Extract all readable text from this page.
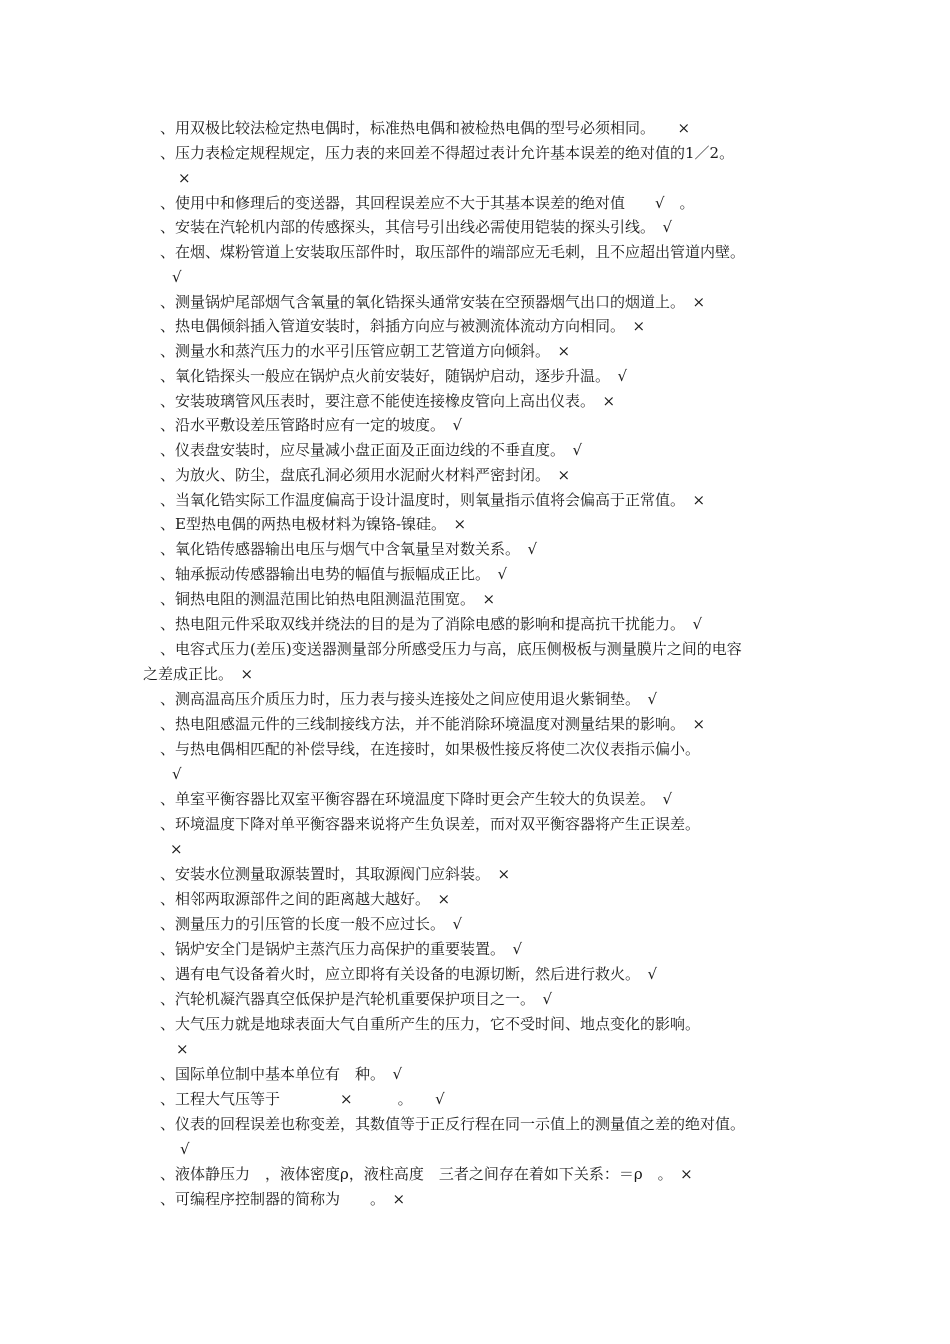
、用双极比较法检定热电偶时，标准热电偶和被检热电偶的型号必须相同。　　×
、压力表检定规程规定，压力表的来回差不得超过表计允许基本误差的绝对值的1／2。
×
、使用中和修理后的变送器，其回程误差应不大于其基本误差的绝对值　　√　。
、安装在汽轮机内部的传感探头，其信号引出线必需使用铠装的探头引线。　√
、在烟、煤粉管道上安装取压部件时，取压部件的端部应无毛刺，且不应超出管道内壁。
√
、测量锅炉尾部烟气含氧量的氧化锆探头通常安装在空预器烟气出口的烟道上。　×
、热电偶倾斜插入管道安装时，斜插方向应与被测流体流动方向相同。　×
、测量水和蒸汽压力的水平引压管应朝工艺管道方向倾斜。　×
、氧化锆探头一般应在锅炉点火前安装好，随锅炉启动，逐步升温。　√
、安装玻璃管风压表时，要注意不能使连接橡皮管向上高出仪表。　×
、沿水平敷设差压管路时应有一定的坡度。　√
、仪表盘安装时，应尽量减小盘正面及正面边线的不垂直度。　√
、为放火、防尘，盘底孔洞必须用水泥耐火材料严密封闭。　×
、当氧化锆实际工作温度偏高于设计温度时，则氧量指示值将会偏高于正常值。　×
、E型热电偶的两热电极材料为镍铬-镍硅。　×
、氧化锆传感器输出电压与烟气中含氧量呈对数关系。　√
、轴承振动传感器输出电势的幅值与振幅成正比。　√
、铜热电阻的测温范围比铂热电阻测温范围宽。　×
、热电阻元件采取双线并绕法的目的是为了消除电感的影响和提高抗干扰能力。　√
、电容式压力(差压)变送器测量部分所感受压力与高，底压侧极板与测量膜片之间的电容
之差成正比。　×
、测高温高压介质压力时，压力表与接头连接处之间应使用退火紫铜垫。　√
、热电阻感温元件的三线制接线方法，并不能消除环境温度对测量结果的影响。　×
、与热电偶相匹配的补偿导线，在连接时，如果极性接反将使二次仪表指示偏小。
√
、单室平衡容器比双室平衡容器在环境温度下降时更会产生较大的负误差。　√
、环境温度下降对单平衡容器来说将产生负误差，而对双平衡容器将产生正误差。
×
、安装水位测量取源装置时，其取源阀门应斜装。　×
、相邻两取源部件之间的距离越大越好。　×
、测量压力的引压管的长度一般不应过长。　√
、锅炉安全门是锅炉主蒸汽压力高保护的重要装置。　√
、遇有电气设备着火时，应立即将有关设备的电源切断，然后进行救火。　√
、汽轮机凝汽器真空低保护是汽轮机重要保护项目之一。　√
、大气压力就是地球表面大气自重所产生的压力，它不受时间、地点变化的影响。
×
、国际单位制中基本单位有　种。　√
、工程大气压等于　　　　×　　　。　　√
、仪表的回程误差也称变差，其数值等于正反行程在同一示值上的测量值之差的绝对值。
√
、液体静压力　，液体密度ρ，液柱高度　三者之间存在着如下关系：＝ρ　。　×
、可编程序控制器的简称为　　。　×
